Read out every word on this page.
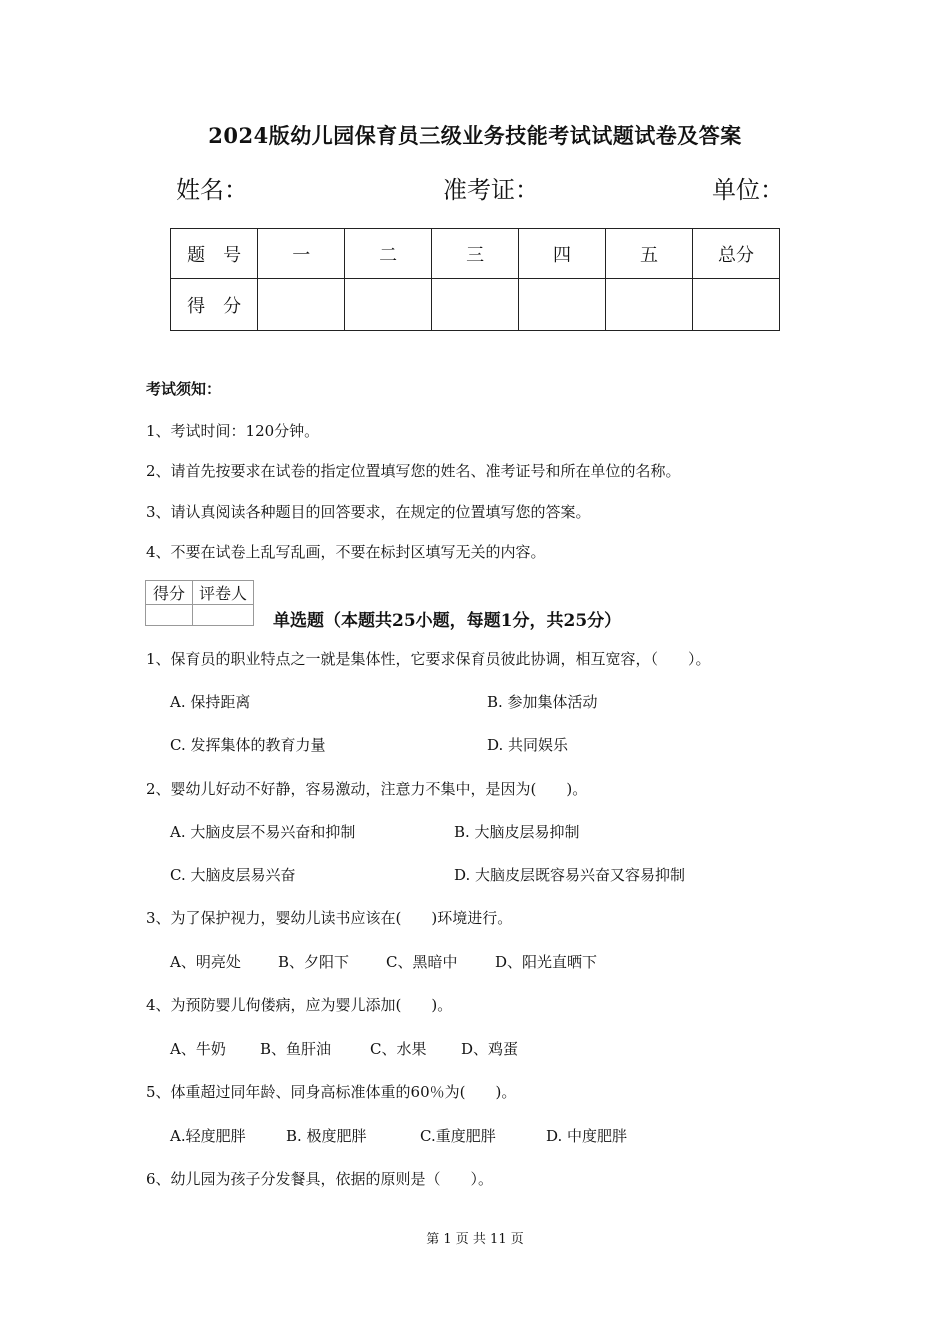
2024版幼儿园保育员三级业务技能考试试题试卷及答案
姓名：	准考证：	单位：
题　号	一	二	三	四	五	总分
得　分						
考试须知：
1、考试时间：120分钟。
2、请首先按要求在试卷的指定位置填写您的姓名、准考证号和所在单位的名称。
3、请认真阅读各种题目的回答要求，在规定的位置填写您的答案。
4、不要在试卷上乱写乱画，不要在标封区填写无关的内容。
得分	评卷人

单选题（本题共25小题，每题1分，共25分）
1、保育员的职业特点之一就是集体性，它要求保育员彼此协调，相互宽容，（　　）。
A. 保持距离	B. 参加集体活动
C. 发挥集体的教育力量	D. 共同娱乐
2、婴幼儿好动不好静，容易激动，注意力不集中，是因为(　　)。
A. 大脑皮层不易兴奋和抑制	B. 大脑皮层易抑制
C. 大脑皮层易兴奋	D. 大脑皮层既容易兴奋又容易抑制
3、为了保护视力，婴幼儿读书应该在(　　)环境进行。
A、明亮处 B、夕阳下 C、黑暗中	D、阳光直晒下
4、为预防婴儿佝偻病，应为婴儿添加(　　)。
A、牛奶 B、鱼肝油	C、水果 D、鸡蛋
5、体重超过同年龄、同身高标准体重的60％为(　　)。
A.轻度肥胖	B. 极度肥胖	C.重度肥胖	D. 中度肥胖
6、幼儿园为孩子分发餐具，依据的原则是（　　）。
第 1 页 共 11 页
